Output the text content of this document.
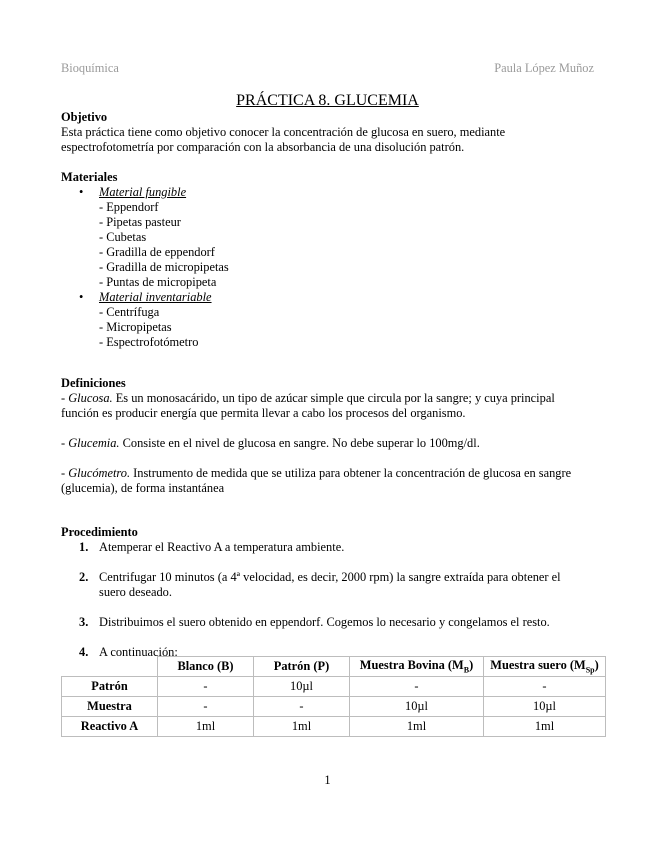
Bioquímica	Paula López Muñoz
PRÁCTICA 8. GLUCEMIA
Objetivo
Esta práctica tiene como objetivo conocer la concentración de glucosa en suero, mediante
espectrofotometría por comparación con la absorbancia de una disolución patrón.
Materiales
• Material fungible
- Eppendorf
- Pipetas pasteur
- Cubetas
- Gradilla de eppendorf
- Gradilla de micropipetas
- Puntas de micropipeta
• Material inventariable
- Centrífuga
- Micropipetas
- Espectrofotómetro
Definiciones
- Glucosa. Es un monosacárido, un tipo de azúcar simple que circula por la sangre; y cuya principal
función es producir energía que permita llevar a cabo los procesos del organismo.
- Glucemia. Consiste en el nivel de glucosa en sangre. No debe superar lo 100mg/dl.
- Glucómetro. Instrumento de medida que se utiliza para obtener la concentración de glucosa en sangre
(glucemia), de forma instantánea
Procedimiento
1. Atemperar el Reactivo A a temperatura ambiente.
2. Centrifugar 10 minutos (a 4ª velocidad, es decir, 2000 rpm) la sangre extraída para obtener el
suero deseado.
3. Distribuimos el suero obtenido en eppendorf. Cogemos lo necesario y congelamos el resto.
4. A continuación:
	Blanco (B)	Patrón (P)	Muestra Bovina $(M_B)$	Muestra suero $(M_{Sp})$
Patrón	-	10µl	-	-
Muestra	-	-	10µl	10µl
Reactivo A	1ml	1ml	1ml	1ml
1
